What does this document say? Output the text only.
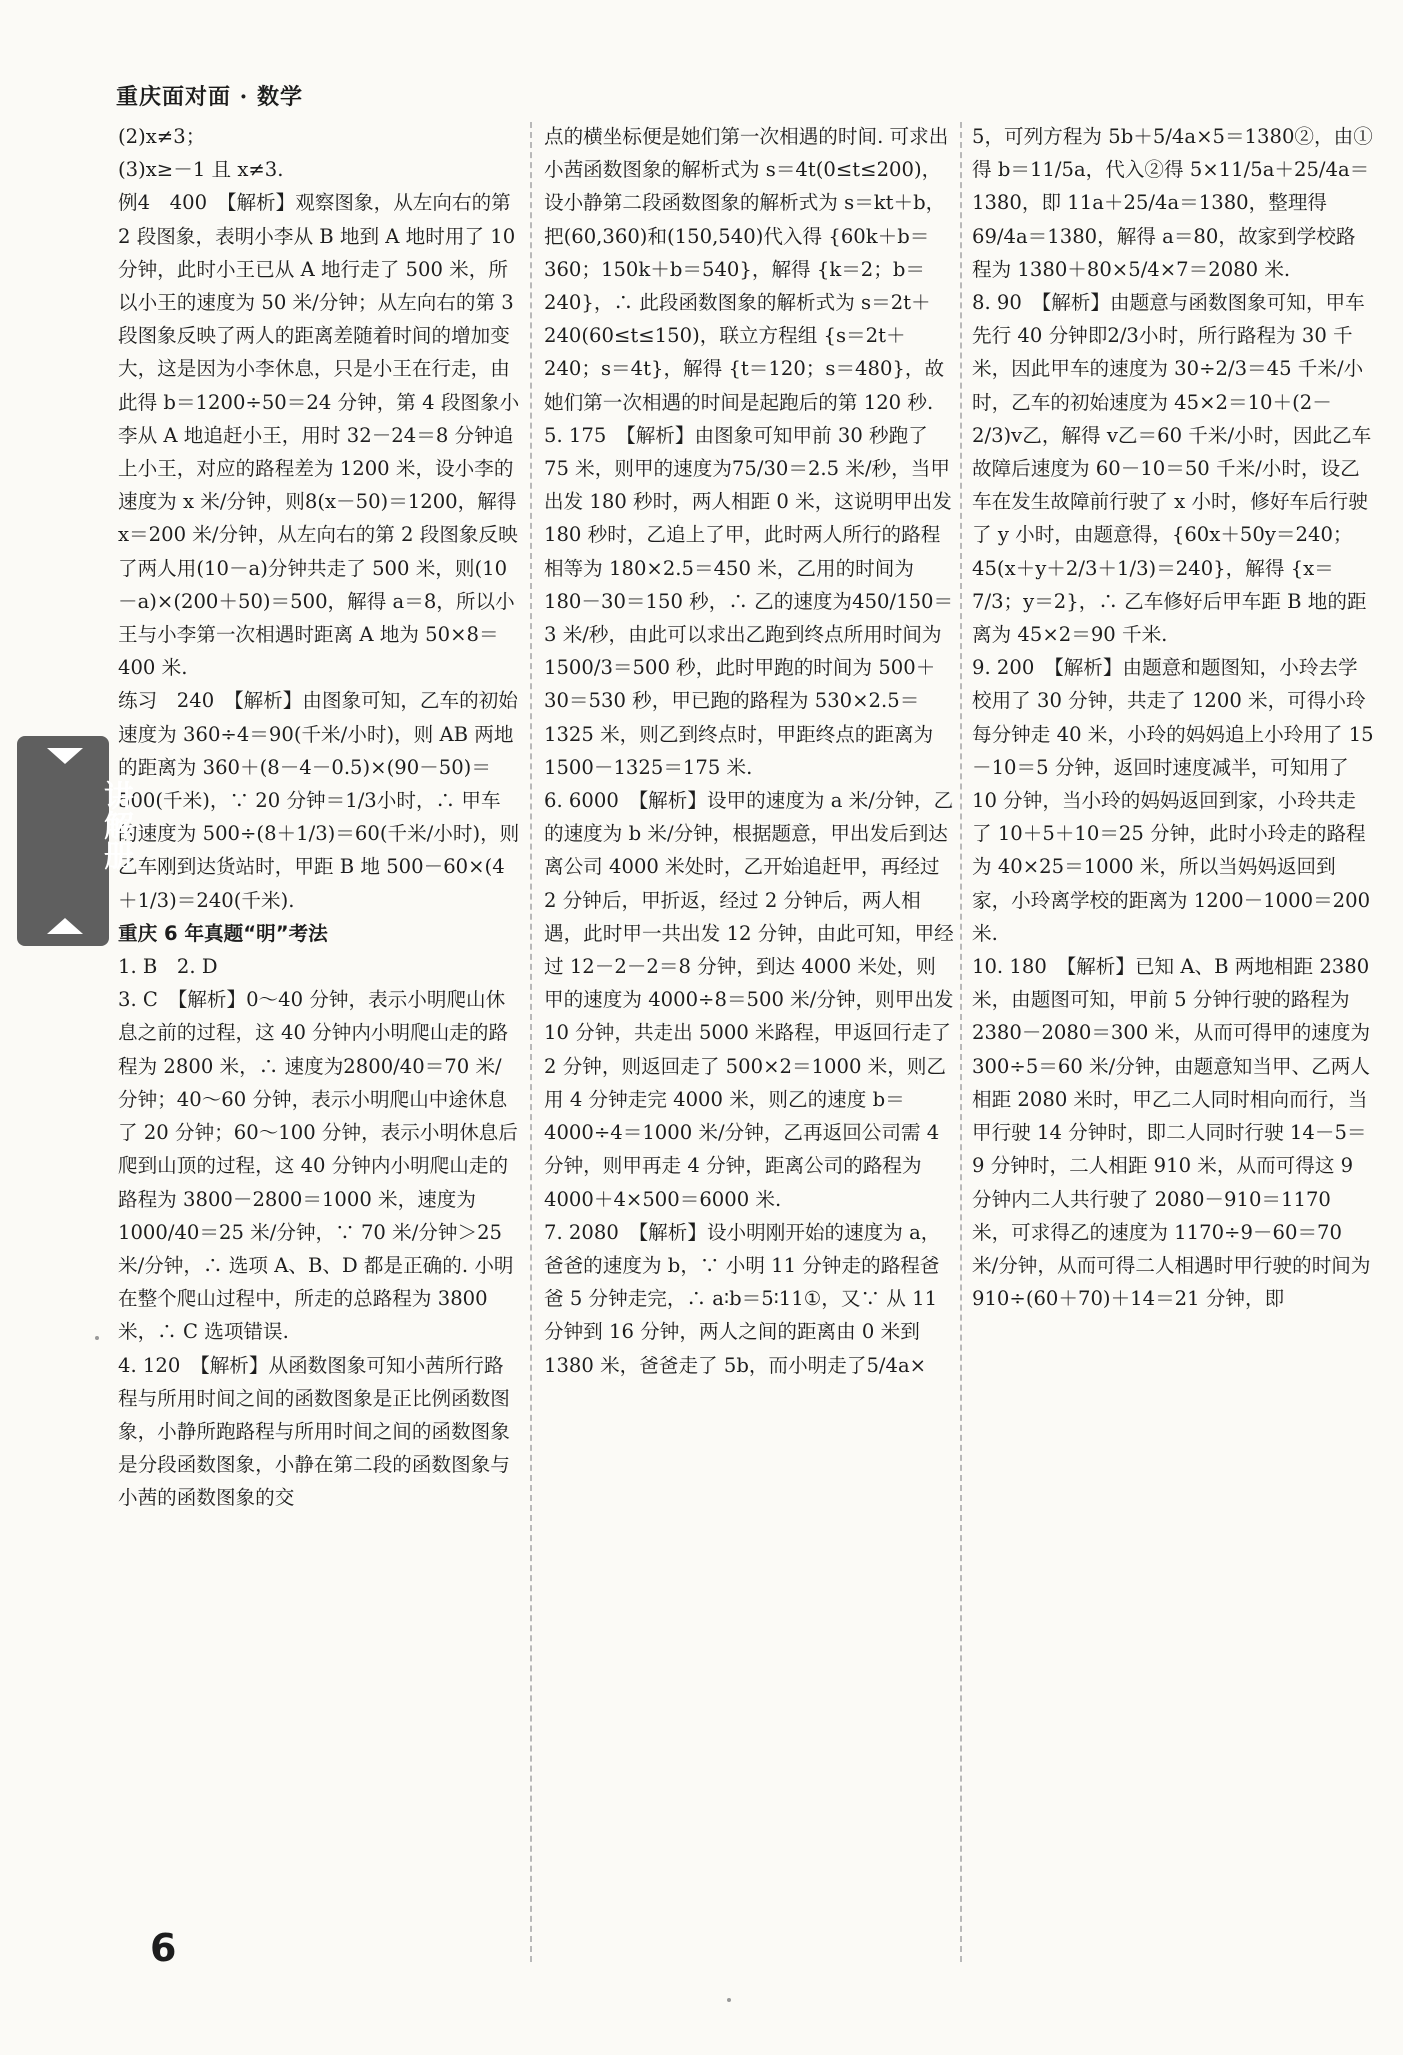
重庆面对面 · 数学

(2)x≠3；

(3)x≥－1 且 x≠3.

例4　400　【解析】观察图象，从左向右的第 2 段图象，表明小李从 B 地到 A 地时用了 10 分钟，此时小王已从 A 地行走了 500 米，所以小王的速度为 50 米/分钟；从左向右的第 3 段图象反映了两人的距离差随着时间的增加变大，这是因为小李休息，只是小王在行走，由此得 b＝1200÷50＝24 分钟，第 4 段图象小李从 A 地追赶小王，用时 32－24＝8 分钟追上小王，对应的路程差为 1200 米，设小李的速度为 x 米/分钟，则8(x－50)＝1200，解得 x＝200 米/分钟，从左向右的第 2 段图象反映了两人用(10－a)分钟共走了 500 米，则(10－a)×(200＋50)＝500，解得 a＝8，所以小王与小李第一次相遇时距离 A 地为 50×8＝400 米.

练习　240　【解析】由图象可知，乙车的初始速度为 360÷4＝90(千米/小时)，则 AB 两地的距离为 360＋(8－4－0.5)×(90－50)＝500(千米)，∵ 20 分钟＝1/3小时，∴ 甲车的速度为 500÷(8＋1/3)＝60(千米/小时)，则乙车刚到达货站时，甲距 B 地 500－60×(4＋1/3)＝240(千米).

重庆 6 年真题“明”考法

1. B　2. D

3. C　【解析】0～40 分钟，表示小明爬山休息之前的过程，这 40 分钟内小明爬山走的路程为 2800 米，∴ 速度为2800/40＝70 米/分钟；40～60 分钟，表示小明爬山中途休息了 20 分钟；60～100 分钟，表示小明休息后爬到山顶的过程，这 40 分钟内小明爬山走的路程为 3800－2800＝1000 米，速度为1000/40＝25 米/分钟，∵ 70 米/分钟＞25 米/分钟，∴ 选项 A、B、D 都是正确的. 小明在整个爬山过程中，所走的总路程为 3800 米，∴ C 选项错误.

4. 120　【解析】从函数图象可知小茜所行路程与所用时间之间的函数图象是正比例函数图象，小静所跑路程与所用时间之间的函数图象是分段函数图象，小静在第二段的函数图象与小茜的函数图象的交

点的横坐标便是她们第一次相遇的时间. 可求出小茜函数图象的解析式为 s＝4t(0≤t≤200)，设小静第二段函数图象的解析式为 s＝kt＋b，把(60,360)和(150,540)代入得 {60k＋b＝360；150k＋b＝540}，解得 {k＝2；b＝240}，∴ 此段函数图象的解析式为 s＝2t＋240(60≤t≤150)，联立方程组 {s＝2t＋240；s＝4t}，解得 {t＝120；s＝480}，故她们第一次相遇的时间是起跑后的第 120 秒.

5. 175　【解析】由图象可知甲前 30 秒跑了 75 米，则甲的速度为75/30＝2.5 米/秒，当甲出发 180 秒时，两人相距 0 米，这说明甲出发 180 秒时，乙追上了甲，此时两人所行的路程相等为 180×2.5＝450 米，乙用的时间为 180－30＝150 秒，∴ 乙的速度为450/150＝3 米/秒，由此可以求出乙跑到终点所用时间为1500/3＝500 秒，此时甲跑的时间为 500＋30＝530 秒，甲已跑的路程为 530×2.5＝1325 米，则乙到终点时，甲距终点的距离为 1500－1325＝175 米.

6. 6000　【解析】设甲的速度为 a 米/分钟，乙的速度为 b 米/分钟，根据题意，甲出发后到达离公司 4000 米处时，乙开始追赶甲，再经过 2 分钟后，甲折返，经过 2 分钟后，两人相遇，此时甲一共出发 12 分钟，由此可知，甲经过 12－2－2＝8 分钟，到达 4000 米处，则甲的速度为 4000÷8＝500 米/分钟，则甲出发 10 分钟，共走出 5000 米路程，甲返回行走了 2 分钟，则返回走了 500×2＝1000 米，则乙用 4 分钟走完 4000 米，则乙的速度 b＝4000÷4＝1000 米/分钟，乙再返回公司需 4 分钟，则甲再走 4 分钟，距离公司的路程为 4000＋4×500＝6000 米.

7. 2080　【解析】设小明刚开始的速度为 a，爸爸的速度为 b，∵ 小明 11 分钟走的路程爸爸 5 分钟走完，∴ a∶b＝5∶11①，又∵ 从 11 分钟到 16 分钟，两人之间的距离由 0 米到 1380 米，爸爸走了 5b，而小明走了5/4a×

5，可列方程为 5b＋5/4a×5＝1380②，由①得 b＝11/5a，代入②得 5×11/5a＋25/4a＝1380，即 11a＋25/4a＝1380，整理得69/4a＝1380，解得 a＝80，故家到学校路程为 1380＋80×5/4×7＝2080 米.

8. 90　【解析】由题意与函数图象可知，甲车先行 40 分钟即2/3小时，所行路程为 30 千米，因此甲车的速度为 30÷2/3＝45 千米/小时，乙车的初始速度为 45×2＝10＋(2－2/3)v乙，解得 v乙＝60 千米/小时，因此乙车故障后速度为 60－10＝50 千米/小时，设乙车在发生故障前行驶了 x 小时，修好车后行驶了 y 小时，由题意得，{60x＋50y＝240；45(x＋y＋2/3＋1/3)＝240}，解得 {x＝7/3；y＝2}，∴ 乙车修好后甲车距 B 地的距离为 45×2＝90 千米.

9. 200　【解析】由题意和题图知，小玲去学校用了 30 分钟，共走了 1200 米，可得小玲每分钟走 40 米，小玲的妈妈追上小玲用了 15－10＝5 分钟，返回时速度减半，可知用了 10 分钟，当小玲的妈妈返回到家，小玲共走了 10＋5＋10＝25 分钟，此时小玲走的路程为 40×25＝1000 米，所以当妈妈返回到家，小玲离学校的距离为 1200－1000＝200 米.

10. 180　【解析】已知 A、B 两地相距 2380 米，由题图可知，甲前 5 分钟行驶的路程为 2380－2080＝300 米，从而可得甲的速度为 300÷5＝60 米/分钟，由题意知当甲、乙两人相距 2080 米时，甲乙二人同时相向而行，当甲行驶 14 分钟时，即二人同时行驶 14－5＝9 分钟时，二人相距 910 米，从而可得这 9 分钟内二人共行驶了 2080－910＝1170 米，可求得乙的速度为 1170÷9－60＝70 米/分钟，从而可得二人相遇时甲行驶的时间为 910÷(60＋70)＋14＝21 分钟，即

讲解册
6
